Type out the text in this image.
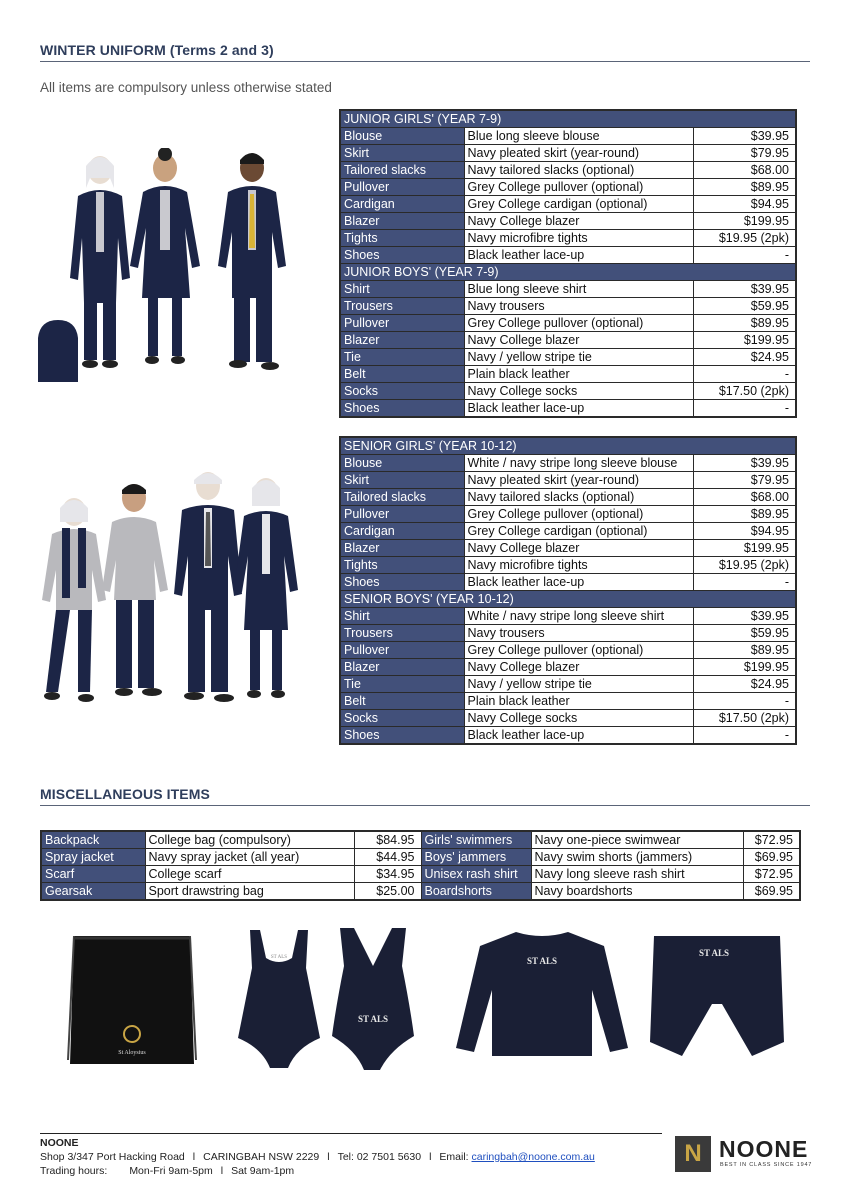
WINTER UNIFORM (Terms 2 and 3)
All items are compulsory unless otherwise stated
JUNIOR GIRLS' (YEAR 7-9)		
Blouse	Blue long sleeve blouse	$39.95
Skirt	Navy pleated skirt (year-round)	$79.95
Tailored slacks	Navy tailored slacks (optional)	$68.00
Pullover	Grey College pullover (optional)	$89.95
Cardigan	Grey College cardigan (optional)	$94.95
Blazer	Navy College blazer	$199.95
Tights	Navy microfibre tights	$19.95 (2pk)
Shoes	Black leather lace-up	-
JUNIOR BOYS' (YEAR 7-9)		
Shirt	Blue long sleeve shirt	$39.95
Trousers	Navy trousers	$59.95
Pullover	Grey College pullover (optional)	$89.95
Blazer	Navy College blazer	$199.95
Tie	Navy / yellow stripe tie	$24.95
Belt	Plain black leather	-
Socks	Navy College socks	$17.50 (2pk)
Shoes	Black leather lace-up	-
SENIOR GIRLS' (YEAR 10-12)		
Blouse	White / navy stripe long sleeve blouse	$39.95
Skirt	Navy pleated skirt (year-round)	$79.95
Tailored slacks	Navy tailored slacks (optional)	$68.00
Pullover	Grey College pullover (optional)	$89.95
Cardigan	Grey College cardigan (optional)	$94.95
Blazer	Navy College blazer	$199.95
Tights	Navy microfibre tights	$19.95 (2pk)
Shoes	Black leather lace-up	-
SENIOR BOYS' (YEAR 10-12)		
Shirt	White / navy stripe long sleeve shirt	$39.95
Trousers	Navy trousers	$59.95
Pullover	Grey College pullover (optional)	$89.95
Blazer	Navy College blazer	$199.95
Tie	Navy / yellow stripe tie	$24.95
Belt	Plain black leather	-
Socks	Navy College socks	$17.50 (2pk)
Shoes	Black leather lace-up	-
MISCELLANEOUS ITEMS
Backpack	College bag (compulsory)	$84.95	Girls' swimmers	Navy one-piece swimwear	$72.95
Spray jacket	Navy spray jacket (all year)	$44.95	Boys' jammers	Navy swim shorts (jammers)	$69.95
Scarf	College scarf	$34.95	Unisex rash shirt	Navy long sleeve rash shirt	$72.95
Gearsak	Sport drawstring bag	$25.00	Boardshorts	Navy boardshorts	$69.95
St Aloysius
ST ALS
ST ALS
ST ALS
ST ALS
NOONE
Shop 3/347 Port Hacking Road l CARINGBAH NSW 2229 l Tel: 02 7501 5630 l Email: caringbah@noone.com.au
Trading hours: Mon-Fri 9am-5pm l Sat 9am-1pm
N NOONE
BEST IN CLASS SINCE 1947
